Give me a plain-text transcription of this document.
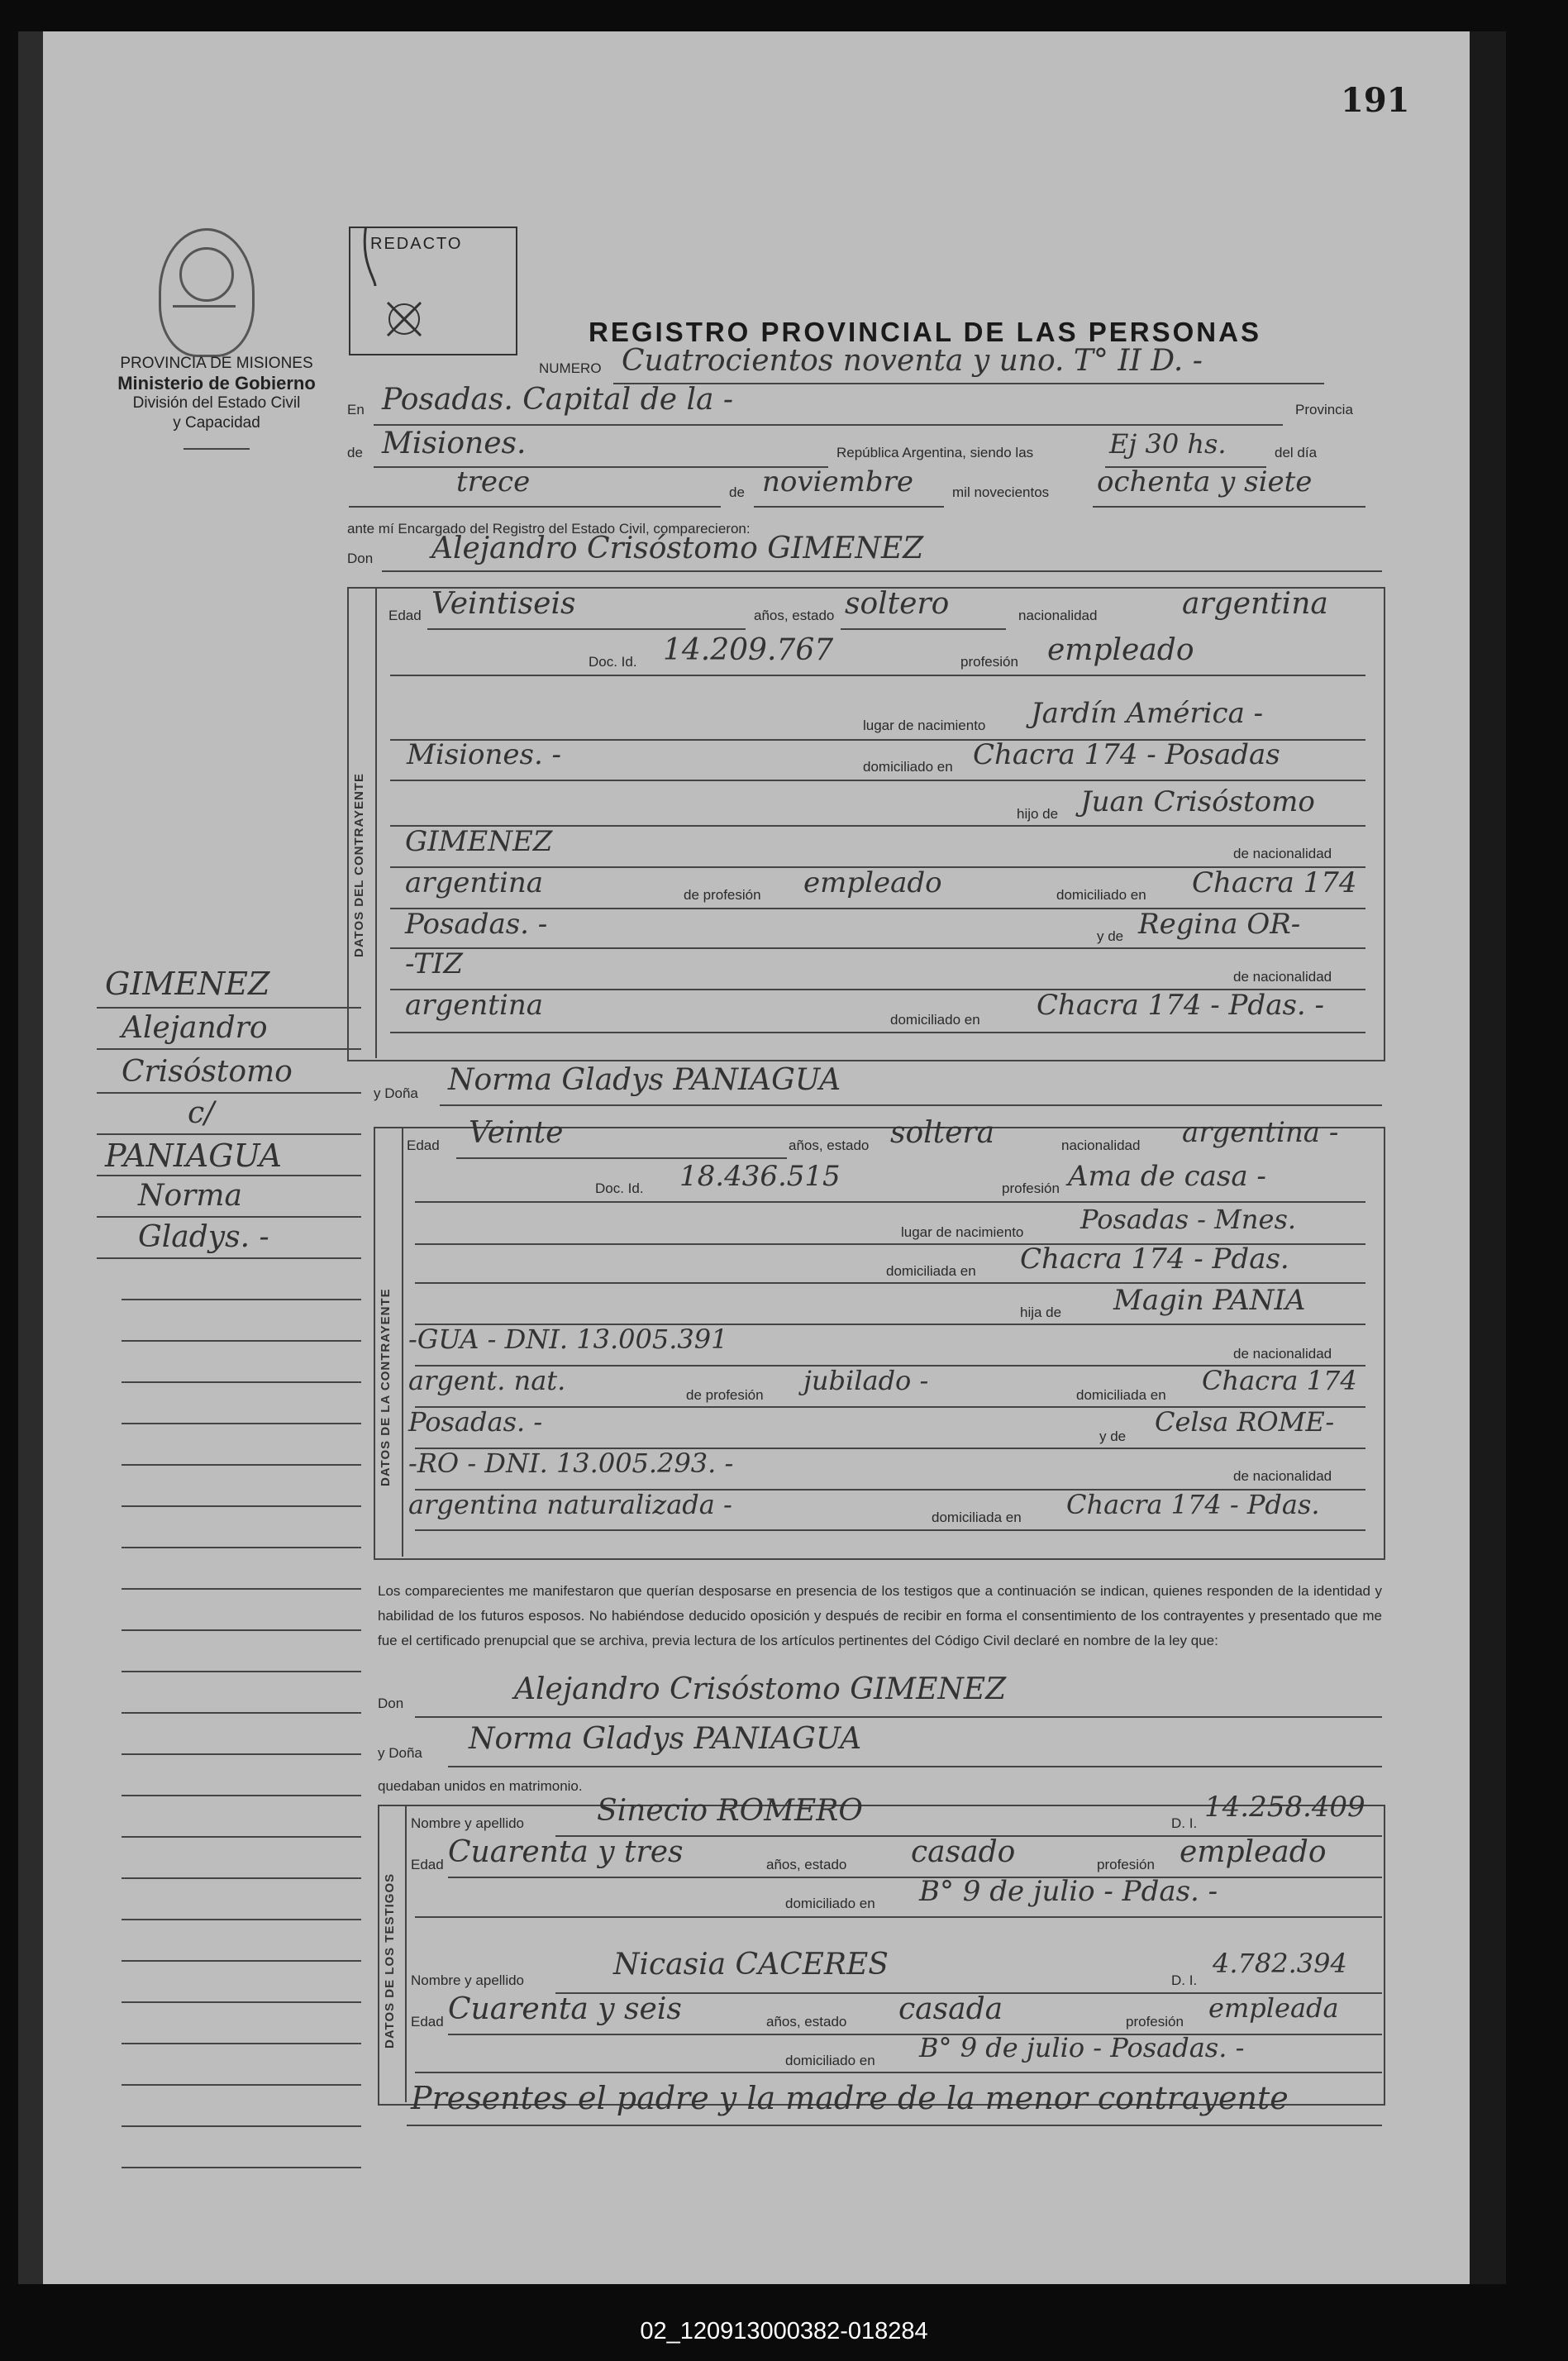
191
PROVINCIA DE MISIONES
Ministerio de Gobierno
División del Estado Civil
y Capacidad
REDACTO
REGISTRO PROVINCIAL DE LAS PERSONAS
NUMERO Cuatrocientos noventa y uno. T° II D. -
En Posadas. Capital de la -	Provincia
de Misiones.	República Argentina, siendo las	Ej 30 hs.	del día
trece	de noviembre	mil novecientos ochenta y siete
ante mí Encargado del Registro del Estado Civil, comparecieron:
Don Alejandro Crisóstomo GIMENEZ
DATOS DEL CONTRAYENTE
Edad Veintiseis	años, estado soltero	nacionalidad	argentina
Doc. Id. 14.209.767	profesión empleado
lugar de nacimiento Jardín América -
Misiones. -	domiciliado en Chacra 174 - Posadas
hijo de Juan Crisóstomo
GIMENEZ	de nacionalidad
argentina	de profesión empleado	domiciliado en Chacra 174
Posadas. -	y de Regina OR-
-TIZ	de nacionalidad
argentina	domiciliado en Chacra 174 - Pdas. -
y Doña Norma Gladys PANIAGUA
DATOS DE LA CONTRAYENTE
Edad Veinte	años, estado soltera	nacionalidad argentina -
Doc. Id. 18.436.515	profesión Ama de casa -
lugar de nacimiento Posadas - Mnes.
domiciliada en Chacra 174 - Pdas.
hija de Magin PANIA
-GUA - DNI. 13.005.391	de nacionalidad
argent. nat.	de profesión jubilado -	domiciliada en Chacra 174
Posadas. -	y de Celsa ROME-
-RO - DNI. 13.005.293. -	de nacionalidad
argentina naturalizada -	domiciliada en Chacra 174 - Pdas.
GIMENEZ
Alejandro
Crisóstomo
c/
PANIAGUA
Norma
Gladys. -
Los comparecientes me manifestaron que querían desposarse en presencia de los testigos que a continuación se indican, quienes responden de la identidad y habilidad de los futuros esposos. No habiéndose deducido oposición y después de recibir en forma el consentimiento de los contrayentes y presentado que me fue el certificado prenupcial que se archiva, previa lectura de los artículos pertinentes del Código Civil declaré en nombre de la ley que:
Don	Alejandro Crisóstomo GIMENEZ
y Doña Norma Gladys PANIAGUA
quedaban unidos en matrimonio.
DATOS DE LOS TESTIGOS
Nombre y apellido Sinecio ROMERO	D. I. 14.258.409
Edad Cuarenta y tres	años, estado casado	profesión empleado
domiciliado en B° 9 de julio - Pdas. -
Nombre y apellido	Nicasia CACERES	D. I.
4.782.394
Edad Cuarenta y seis	años, estado casada	profesión empleada
domiciliado en B° 9 de julio - Posadas. -
Presentes el padre y la madre de la menor contrayente
02_120913000382-018284
